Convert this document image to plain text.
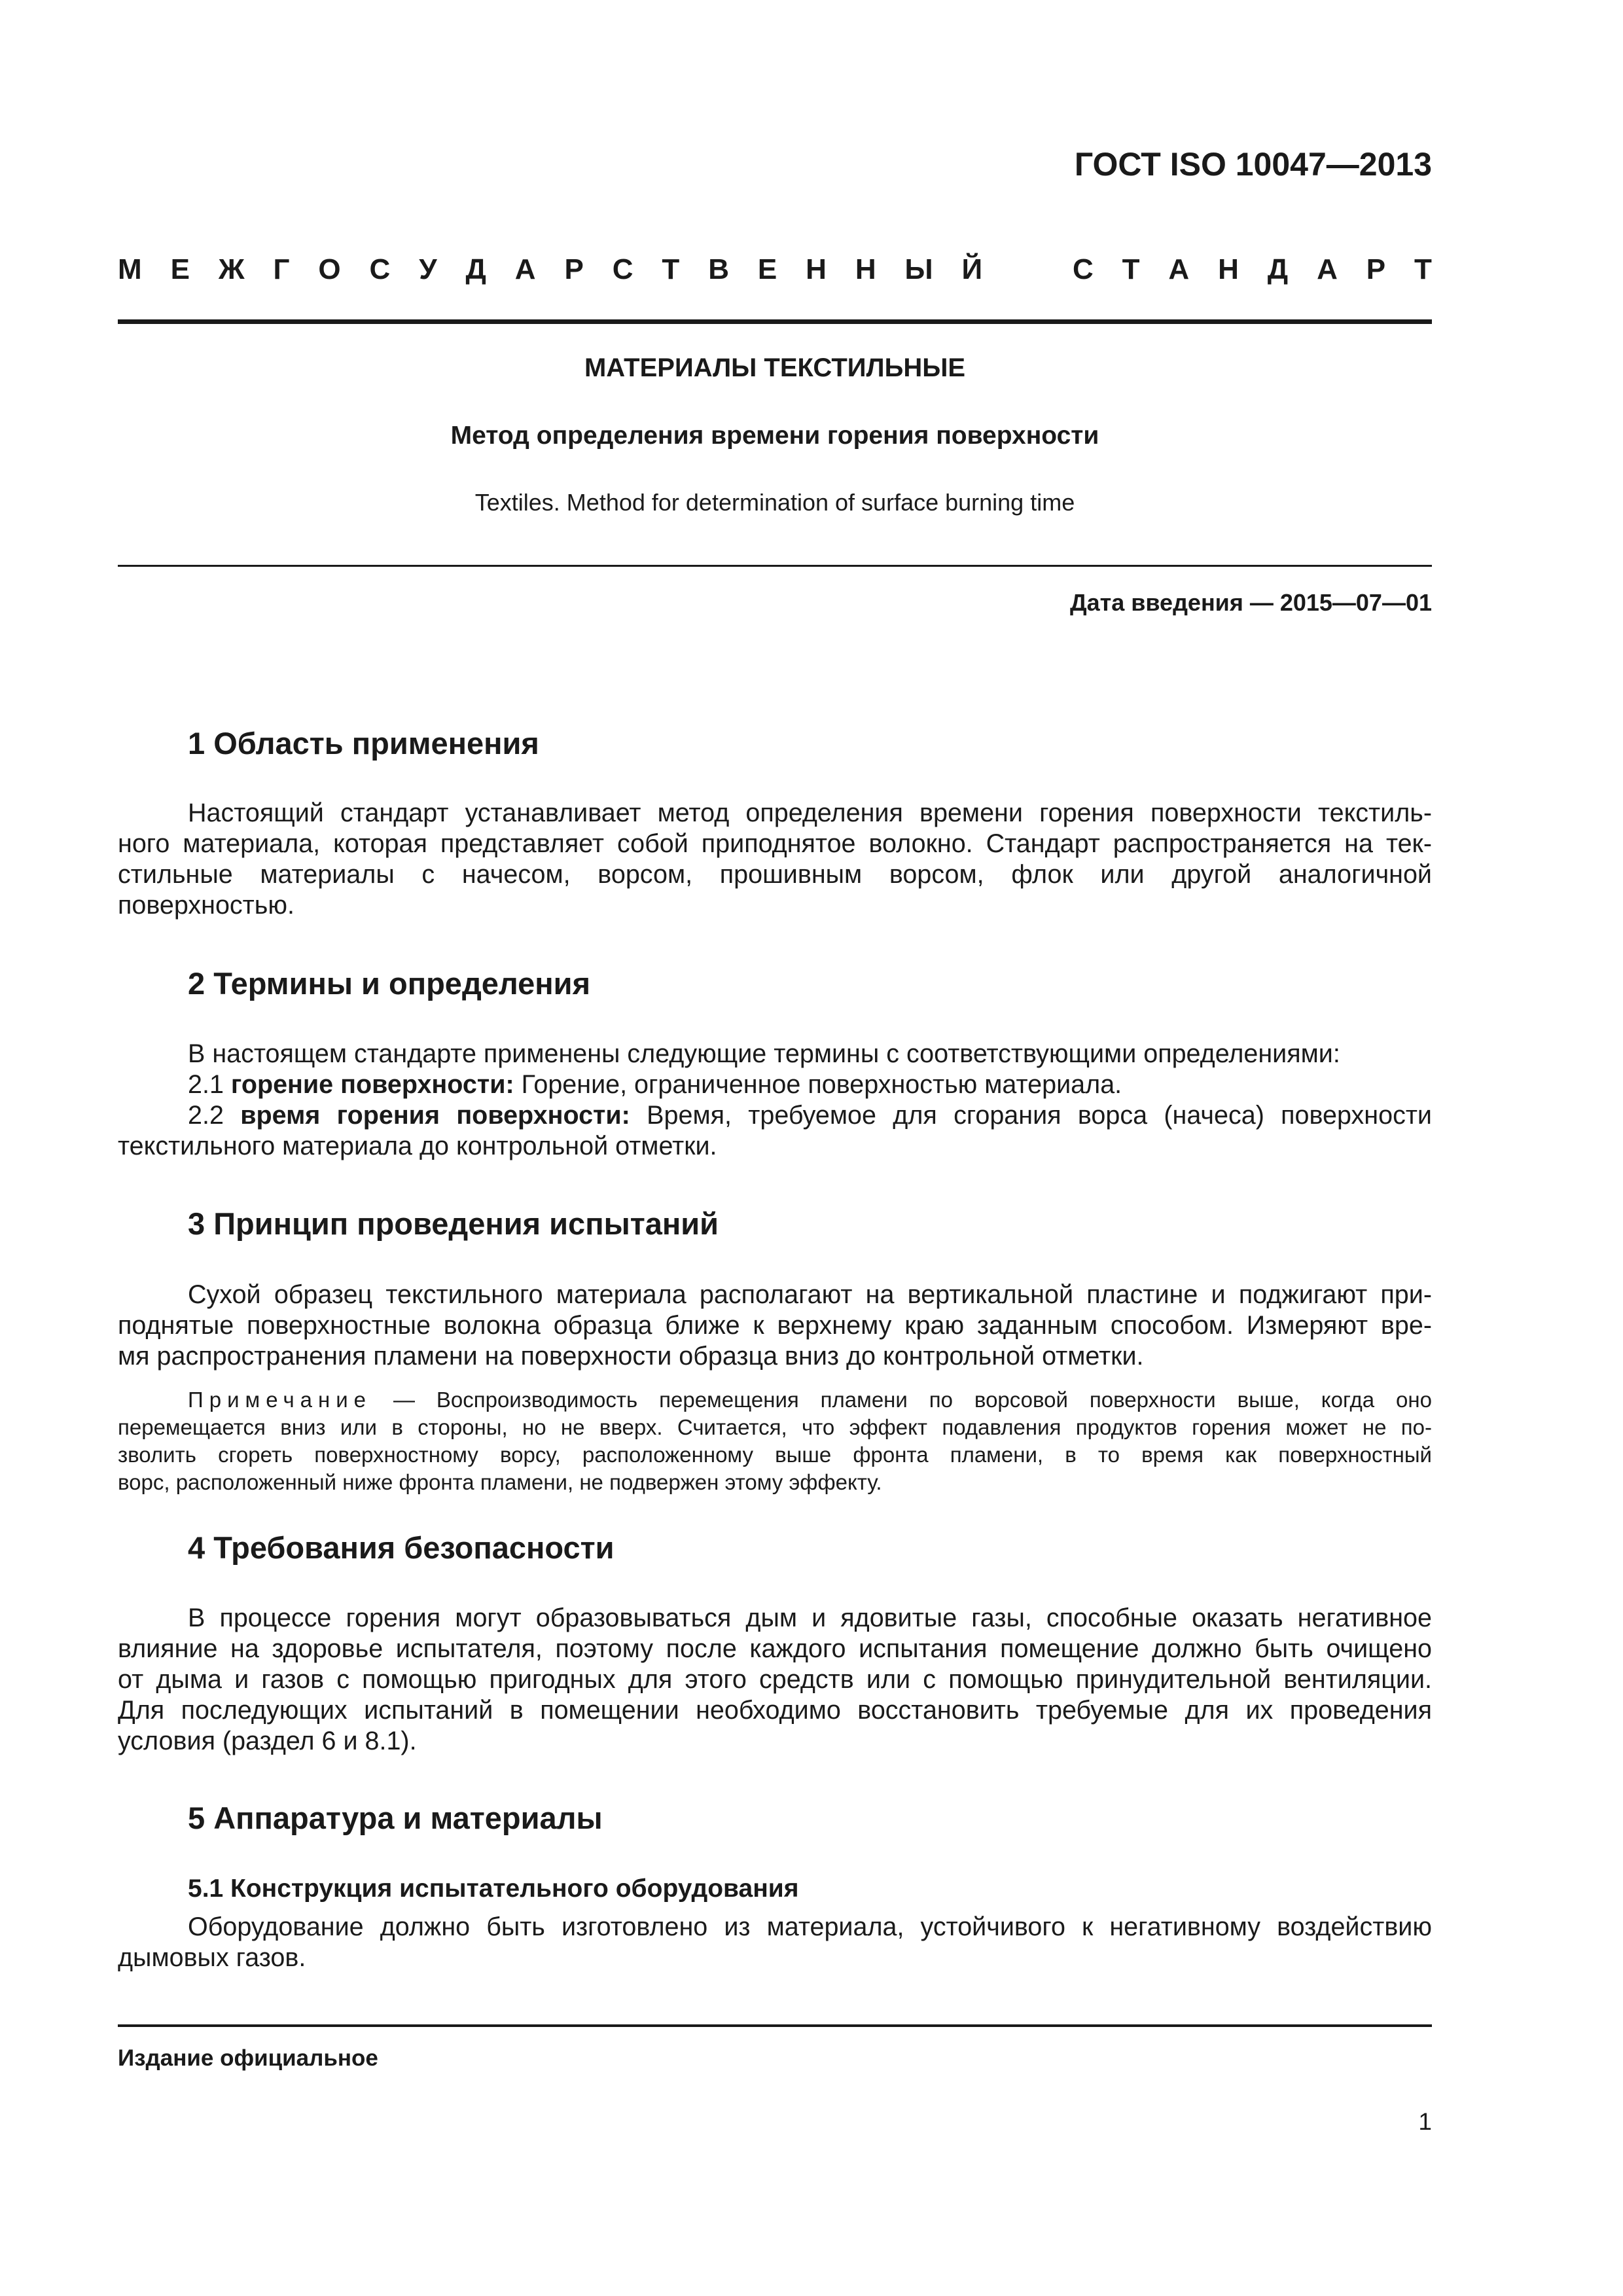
ГОСТ ISO 10047—2013
М Е Ж Г О С У Д А Р С Т В Е Н Н Ы Й	С Т А Н Д А Р Т
МАТЕРИАЛЫ ТЕКСТИЛЬНЫЕ
Метод определения времени горения поверхности
Textiles. Method for determination of surface burning time
Дата введения — 2015—07—01
1 Область применения
Настоящий стандарт устанавливает метод определения времени горения поверхности текстиль-
ного материала, которая представляет собой приподнятое волокно. Стандарт распространяется на тек-
стильные материалы с начесом, ворсом, прошивным ворсом, флок или другой аналогичной
поверхностью.
2 Термины и определения
В настоящем стандарте применены следующие термины с соответствующими определениями:
2.1 горение поверхности: Горение, ограниченное поверхностью материала.
2.2 время горения поверхности: Время, требуемое для сгорания ворса (начеса) поверхности
текстильного материала до контрольной отметки.
3 Принцип проведения испытаний
Сухой образец текстильного материала располагают на вертикальной пластине и поджигают при-
поднятые поверхностные волокна образца ближе к верхнему краю заданным способом. Измеряют вре-
мя распространения пламени на поверхности образца вниз до контрольной отметки.
Примечание — Воспроизводимость перемещения пламени по ворсовой поверхности выше, когда оно
перемещается вниз или в стороны, но не вверх. Считается, что эффект подавления продуктов горения может не по-
зволить сгореть поверхностному ворсу, расположенному выше фронта пламени, в то время как поверхностный
ворс, расположенный ниже фронта пламени, не подвержен этому эффекту.
4 Требования безопасности
В процессе горения могут образовываться дым и ядовитые газы, способные оказать негативное
влияние на здоровье испытателя, поэтому после каждого испытания помещение должно быть очищено
от дыма и газов с помощью пригодных для этого средств или с помощью принудительной вентиляции.
Для последующих испытаний в помещении необходимо восстановить требуемые для их проведения
условия (раздел 6 и 8.1).
5 Аппаратура и материалы
5.1 Конструкция испытательного оборудования
Оборудование должно быть изготовлено из материала, устойчивого к негативному воздействию
дымовых газов.
Издание официальное
1
